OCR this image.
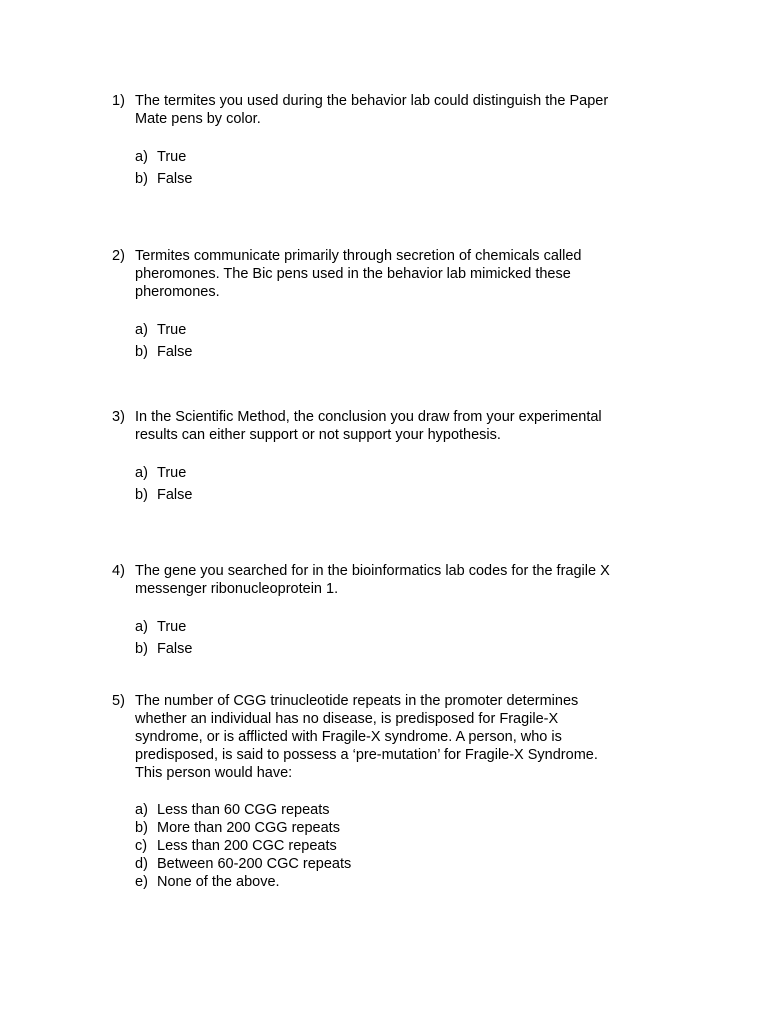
1) The termites you used during the behavior lab could distinguish the Paper
Mate pens by color.
a) True
b) False
2) Termites communicate primarily through secretion of chemicals called
pheromones. The Bic pens used in the behavior lab mimicked these
pheromones.
a) True
b) False
3) In the Scientific Method, the conclusion you draw from your experimental
results can either support or not support your hypothesis.
a) True
b) False
4) The gene you searched for in the bioinformatics lab codes for the fragile X
messenger ribonucleoprotein 1.
a) True
b) False
5) The number of CGG trinucleotide repeats in the promoter determines
whether an individual has no disease, is predisposed for Fragile-X
syndrome, or is afflicted with Fragile-X syndrome. A person, who is
predisposed, is said to possess a ‘pre-mutation’ for Fragile-X Syndrome.
This person would have:
a) Less than 60 CGG repeats
b) More than 200 CGG repeats
c) Less than 200 CGC repeats
d) Between 60-200 CGC repeats
e) None of the above.
